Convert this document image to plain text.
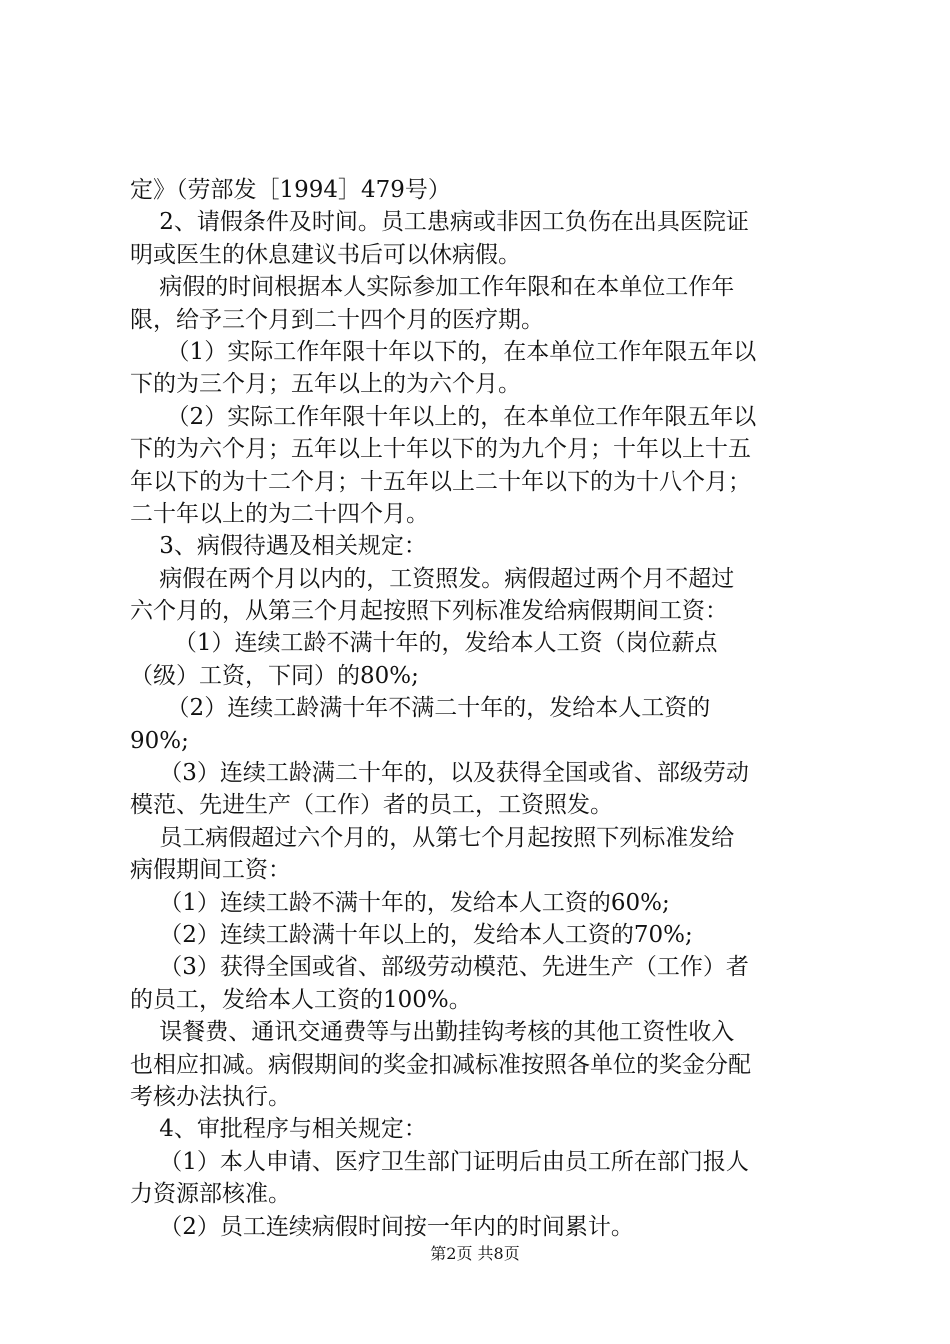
定》（劳部发［1994］479号）
2、请假条件及时间。员工患病或非因工负伤在出具医院证
明或医生的休息建议书后可以休病假。
病假的时间根据本人实际参加工作年限和在本单位工作年
限，给予三个月到二十四个月的医疗期。
（1）实际工作年限十年以下的，在本单位工作年限五年以
下的为三个月；五年以上的为六个月。
（2）实际工作年限十年以上的，在本单位工作年限五年以
下的为六个月；五年以上十年以下的为九个月；十年以上十五
年以下的为十二个月；十五年以上二十年以下的为十八个月；
二十年以上的为二十四个月。
3、病假待遇及相关规定：
病假在两个月以内的，工资照发。病假超过两个月不超过
六个月的，从第三个月起按照下列标准发给病假期间工资：
（1）连续工龄不满十年的，发给本人工资（岗位薪点
（级）工资，下同）的80%;
（2）连续工龄满十年不满二十年的，发给本人工资的
90%;
（3）连续工龄满二十年的，以及获得全国或省、部级劳动
模范、先进生产（工作）者的员工，工资照发。
员工病假超过六个月的，从第七个月起按照下列标准发给
病假期间工资：
（1）连续工龄不满十年的，发给本人工资的60%;
（2）连续工龄满十年以上的，发给本人工资的70%;
（3）获得全国或省、部级劳动模范、先进生产（工作）者
的员工，发给本人工资的100%。
误餐费、通讯交通费等与出勤挂钩考核的其他工资性收入
也相应扣减。病假期间的奖金扣减标准按照各单位的奖金分配
考核办法执行。
4、审批程序与相关规定：
（1）本人申请、医疗卫生部门证明后由员工所在部门报人
力资源部核准。
（2）员工连续病假时间按一年内的时间累计。
第2页 共8页
